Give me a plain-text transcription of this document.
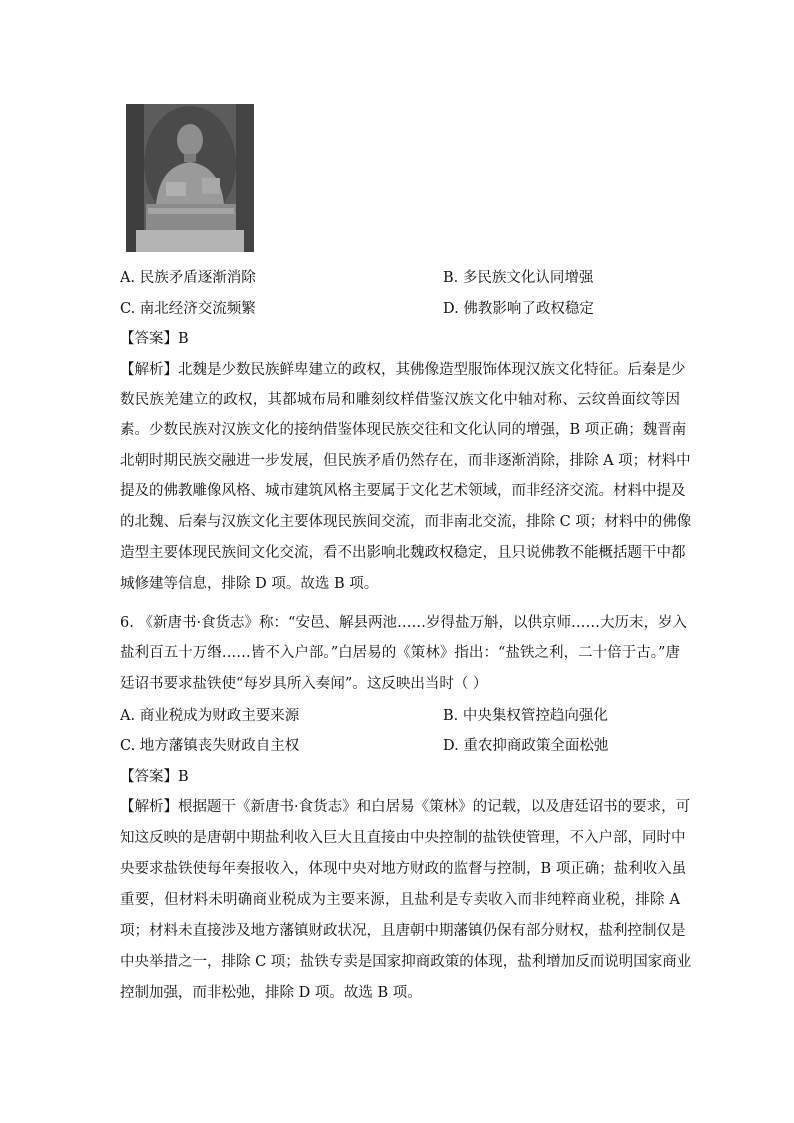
A. 民族矛盾逐渐消除	B. 多民族文化认同增强
C. 南北经济交流频繁	D. 佛教影响了政权稳定
【答案】B
【解析】北魏是少数民族鲜卑建立的政权，其佛像造型服饰体现汉族文化特征。后秦是少
数民族羌建立的政权，其都城布局和雕刻纹样借鉴汉族文化中轴对称、云纹兽面纹等因
素。少数民族对汉族文化的接纳借鉴体现民族交往和文化认同的增强，B 项正确；魏晋南
北朝时期民族交融进一步发展，但民族矛盾仍然存在，而非逐渐消除，排除 A 项；材料中
提及的佛教雕像风格、城市建筑风格主要属于文化艺术领域，而非经济交流。材料中提及
的北魏、后秦与汉族文化主要体现民族间交流，而非南北交流，排除 C 项；材料中的佛像
造型主要体现民族间文化交流，看不出影响北魏政权稳定，且只说佛教不能概括题干中都
城修建等信息，排除 D 项。故选 B 项。
6. 《新唐书·食货志》称：“安邑、解县两池……岁得盐万斛，以供京师……大历末，岁入
盐利百五十万缗……皆不入户部。”白居易的《策林》指出：“盐铁之利，二十倍于古。”唐
廷诏书要求盐铁使“每岁具所入奏闻”。这反映出当时（ ）
A. 商业税成为财政主要来源	B. 中央集权管控趋向强化
C. 地方藩镇丧失财政自主权	D. 重农抑商政策全面松弛
【答案】B
【解析】根据题干《新唐书·食货志》和白居易《策林》的记载，以及唐廷诏书的要求，可
知这反映的是唐朝中期盐利收入巨大且直接由中央控制的盐铁使管理，不入户部，同时中
央要求盐铁使每年奏报收入，体现中央对地方财政的监督与控制，B 项正确；盐利收入虽
重要，但材料未明确商业税成为主要来源，且盐利是专卖收入而非纯粹商业税，排除 A
项；材料未直接涉及地方藩镇财政状况，且唐朝中期藩镇仍保有部分财权，盐利控制仅是
中央举措之一，排除 C 项；盐铁专卖是国家抑商政策的体现，盐利增加反而说明国家商业
控制加强，而非松弛，排除 D 项。故选 B 项。
